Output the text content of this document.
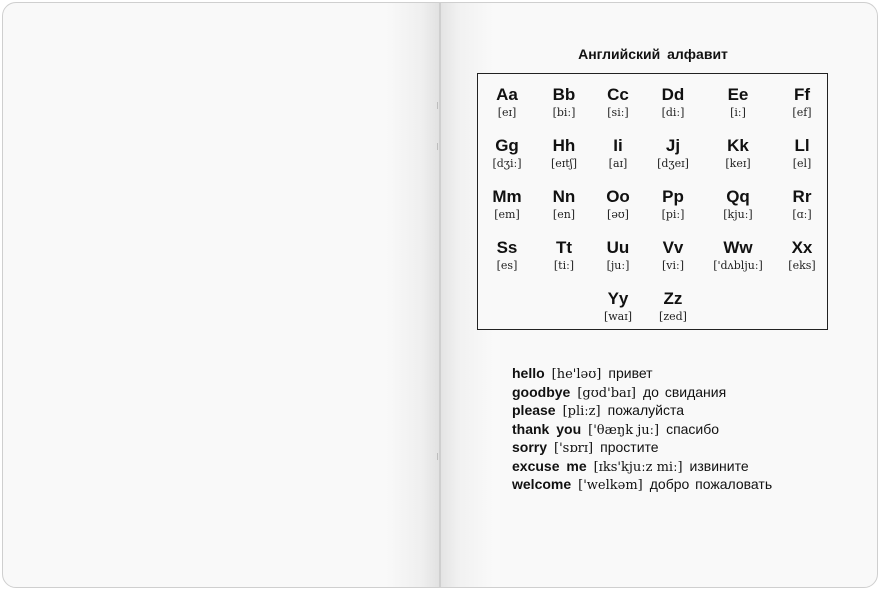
Английский алфавит
Aa
[eɪ]
Bb
[biː]
Cc
[siː]
Dd
[diː]
Ee
[iː]
Ff
[ef]
Gg
[dʒiː]
Hh
[eɪtʃ]
Ii
[aɪ]
Jj
[dʒeɪ]
Kk
[keɪ]
Ll
[el]
Mm
[em]
Nn
[en]
Oo
[əʊ]
Pp
[piː]
Qq
[kjuː]
Rr
[ɑː]
Ss
[es]
Tt
[tiː]
Uu
[juː]
Vv
[viː]
Ww
['dʌbljuː]
Xx
[eks]
Yy
[waɪ]
Zz
[zed]
hello [he'ləʊ] привет
goodbye [gʊd'baɪ] до свидания
please [pliːz] пожалуйста
thank you ['θæŋk juː] спасибо
sorry ['sɒrɪ] простите
excuse me [ɪks'kjuːz miː] извините
welcome ['welkəm] добро пожаловать
